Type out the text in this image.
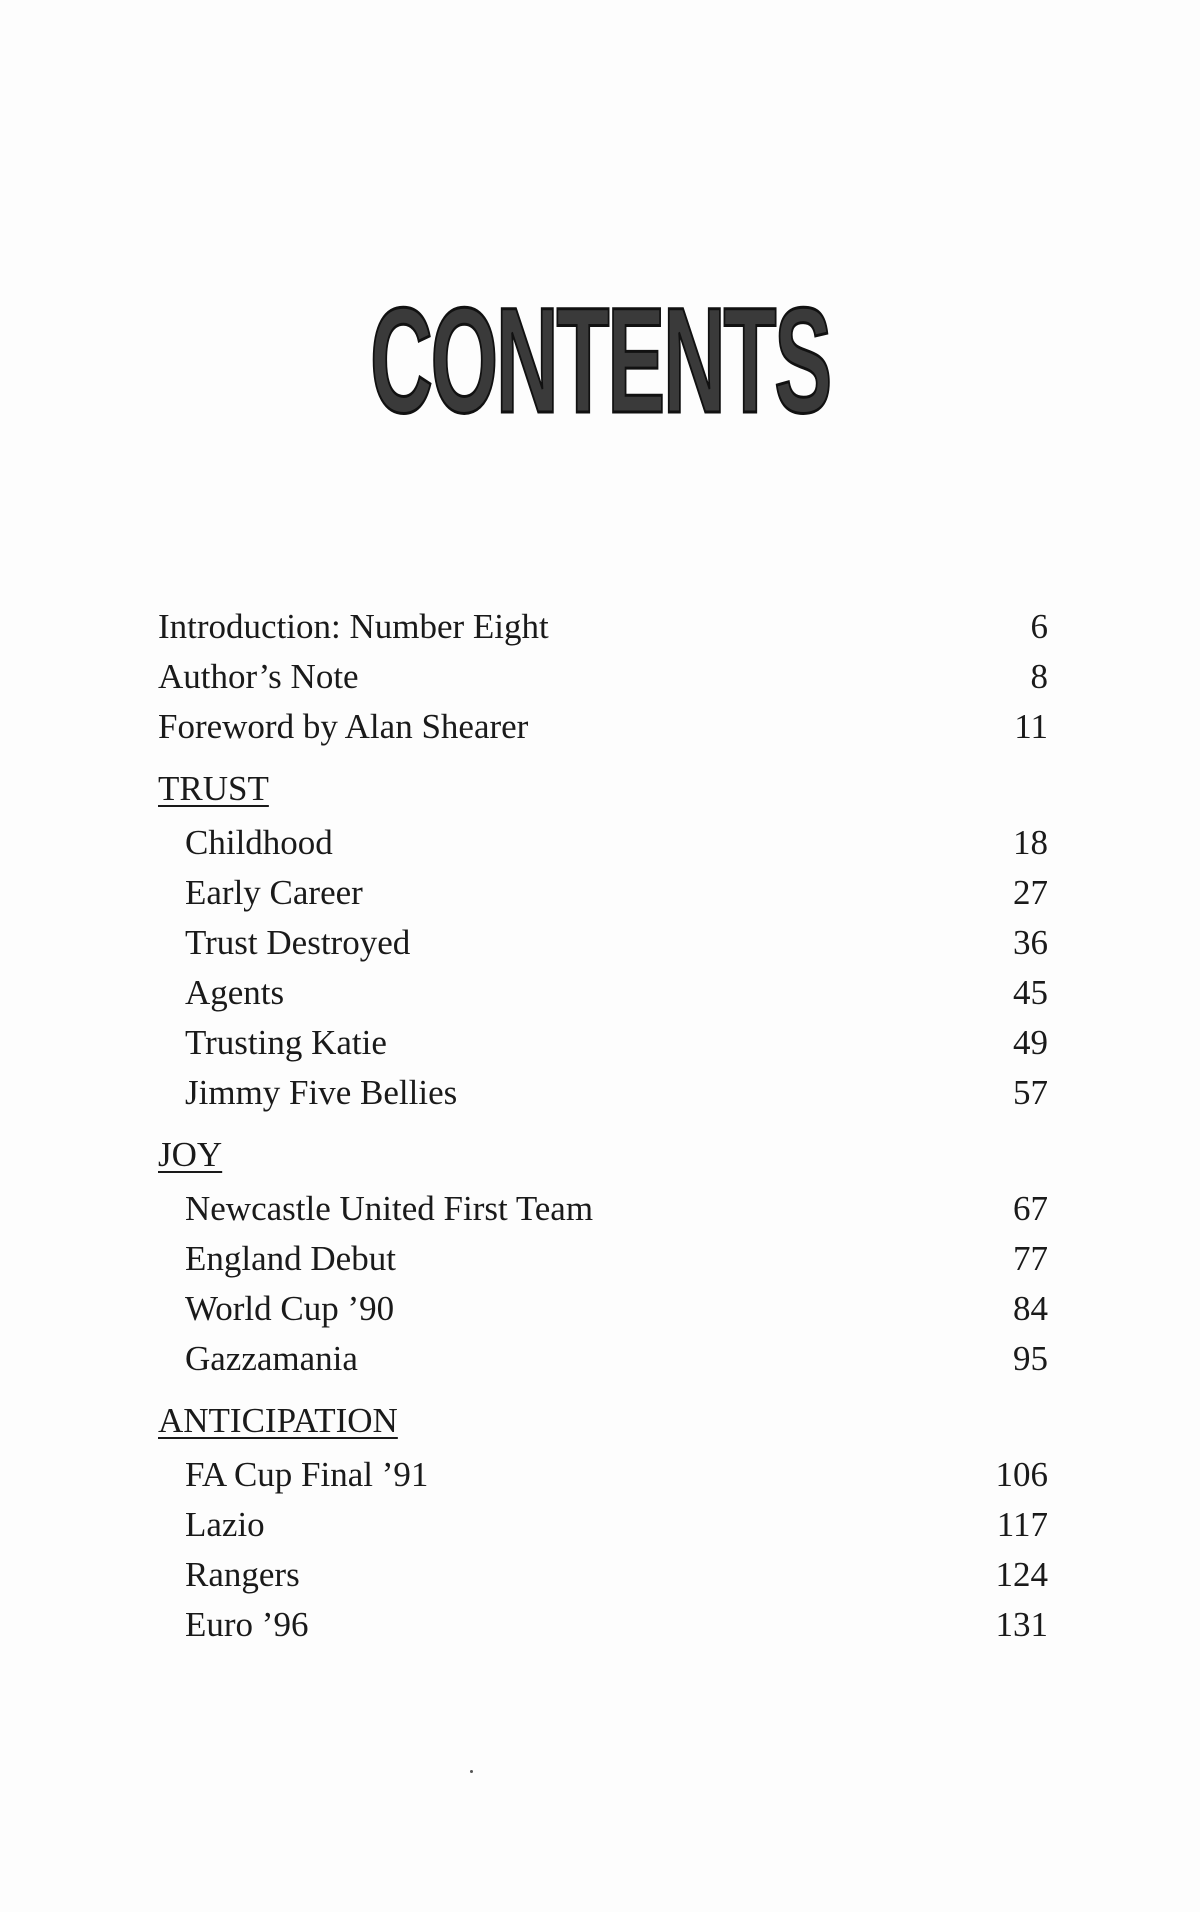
CONTENTS
Introduction: Number Eight	6
Author’s Note	8
Foreword by Alan Shearer	11
TRUST
Childhood	18
Early Career	27
Trust Destroyed	36
Agents	45
Trusting Katie	49
Jimmy Five Bellies	57
JOY
Newcastle United First Team	67
England Debut	77
World Cup ’90	84
Gazzamania	95
ANTICIPATION
FA Cup Final ’91	106
Lazio	117
Rangers	124
Euro ’96	131
